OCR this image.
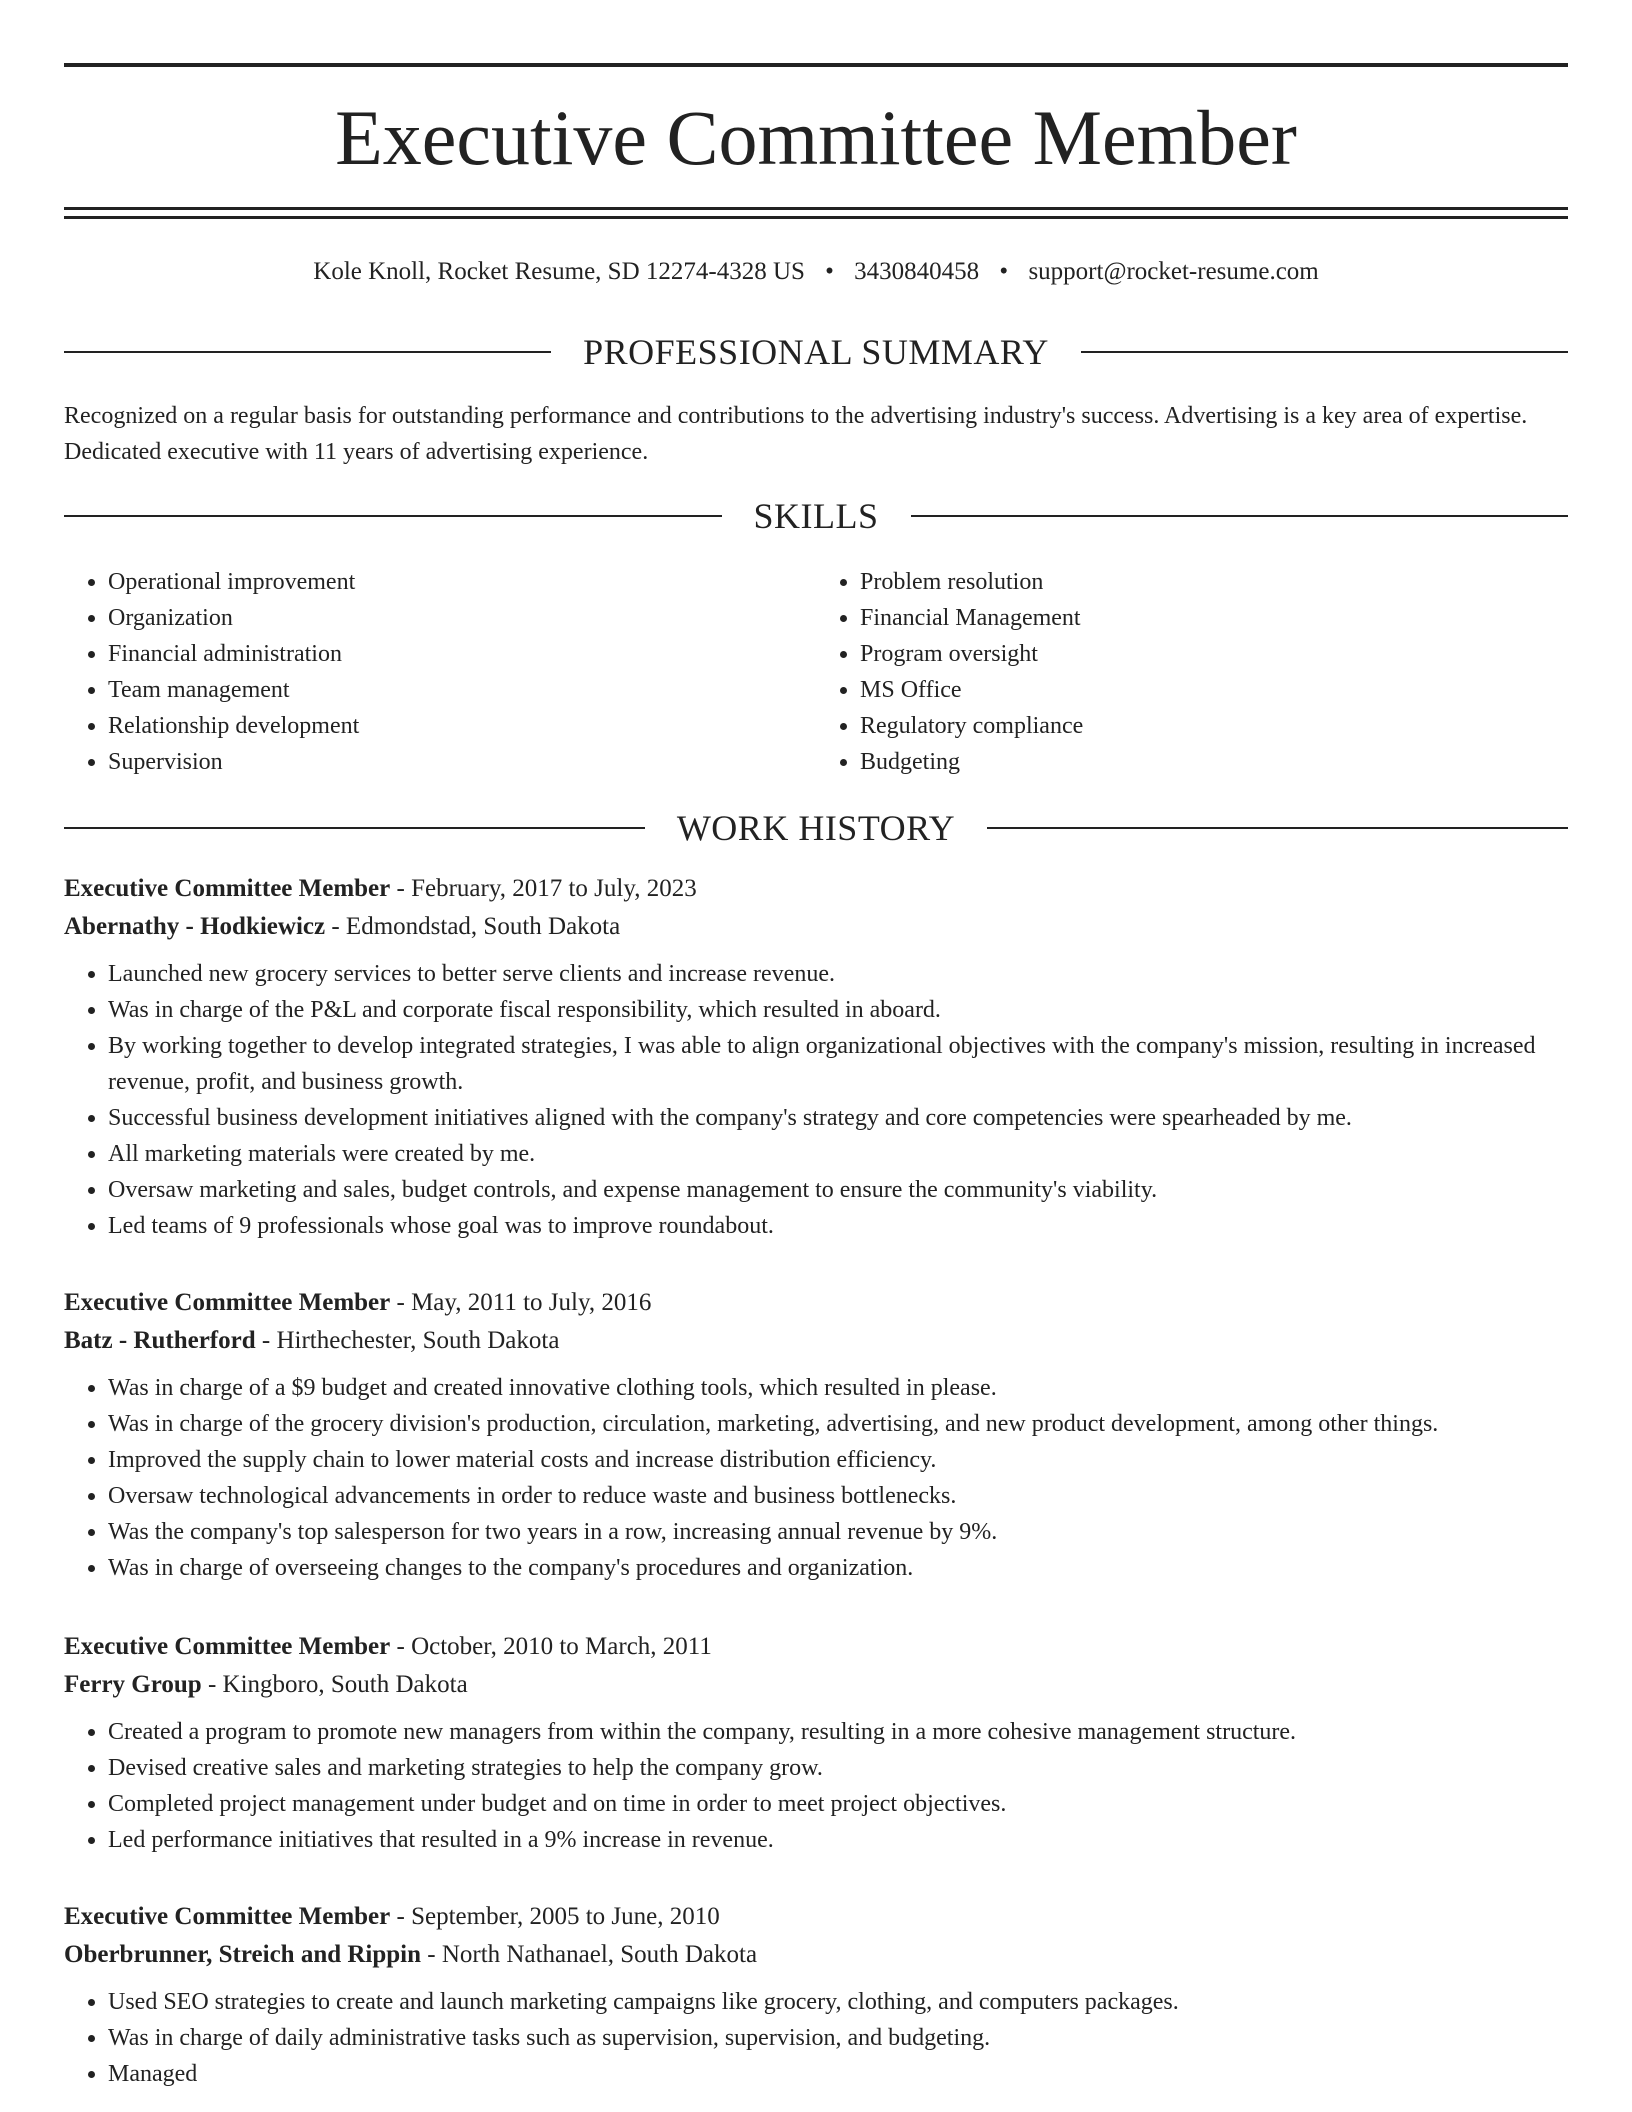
Executive Committee Member
Kole Knoll, Rocket Resume, SD 12274-4328 US • 3430840458 • support@rocket-resume.com
PROFESSIONAL SUMMARY

Recognized on a regular basis for outstanding performance and contributions to the advertising industry's success. Advertising is a key area of expertise. Dedicated executive with 11 years of advertising experience.

SKILLS
• Operational improvement
• Organization
• Financial administration
• Team management
• Relationship development
• Supervision
• Problem resolution
• Financial Management
• Program oversight
• MS Office
• Regulatory compliance
• Budgeting
WORK HISTORY

Executive Committee Member - February, 2017 to July, 2023

Abernathy - Hodkiewicz - Edmondstad, South Dakota

• Launched new grocery services to better serve clients and increase revenue.
• Was in charge of the P&L and corporate fiscal responsibility, which resulted in aboard.
• By working together to develop integrated strategies, I was able to align organizational objectives with the company's mission, resulting in increased revenue, profit, and business growth.
• Successful business development initiatives aligned with the company's strategy and core competencies were spearheaded by me.
• All marketing materials were created by me.
• Oversaw marketing and sales, budget controls, and expense management to ensure the community's viability.
• Led teams of 9 professionals whose goal was to improve roundabout.

Executive Committee Member - May, 2011 to July, 2016

Batz - Rutherford - Hirthechester, South Dakota

• Was in charge of a $9 budget and created innovative clothing tools, which resulted in please.
• Was in charge of the grocery division's production, circulation, marketing, advertising, and new product development, among other things.
• Improved the supply chain to lower material costs and increase distribution efficiency.
• Oversaw technological advancements in order to reduce waste and business bottlenecks.
• Was the company's top salesperson for two years in a row, increasing annual revenue by 9%.
• Was in charge of overseeing changes to the company's procedures and organization.

Executive Committee Member - October, 2010 to March, 2011

Ferry Group - Kingboro, South Dakota

• Created a program to promote new managers from within the company, resulting in a more cohesive management structure.
• Devised creative sales and marketing strategies to help the company grow.
• Completed project management under budget and on time in order to meet project objectives.
• Led performance initiatives that resulted in a 9% increase in revenue.

Executive Committee Member - September, 2005 to June, 2010

Oberbrunner, Streich and Rippin - North Nathanael, South Dakota

• Used SEO strategies to create and launch marketing campaigns like grocery, clothing, and computers packages.
• Was in charge of daily administrative tasks such as supervision, supervision, and budgeting.
• Managed
